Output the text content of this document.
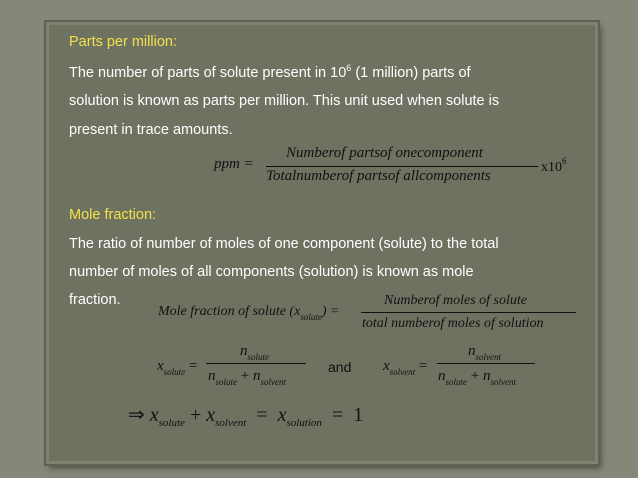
Parts per million:
The number of parts of solute present in $10^6$ (1 million) parts of
solution is known as parts per million. This unit used when solute is
present in trace amounts.
ppm =
Numberof partsof onecomponent
Totalnumberof partsof allcomponents
$x10^6$
Mole fraction:
The ratio of number of moles of one component (solute) to the total
number of moles of all components (solution) is known as mole
fraction.
Mole fraction of solute $(x_{solute})$ =
Numberof moles of solute
total numberof moles of solution
$x_{solute}$ =
$n_{solute}$
$n_{solute} + n_{solvent}$
and $x_{solvent}$ =
$n_{solvent}$
$n_{solute} + n_{solvent}$
⇒ $x_{solute} + x_{solvent} = x_{solution} = 1$
